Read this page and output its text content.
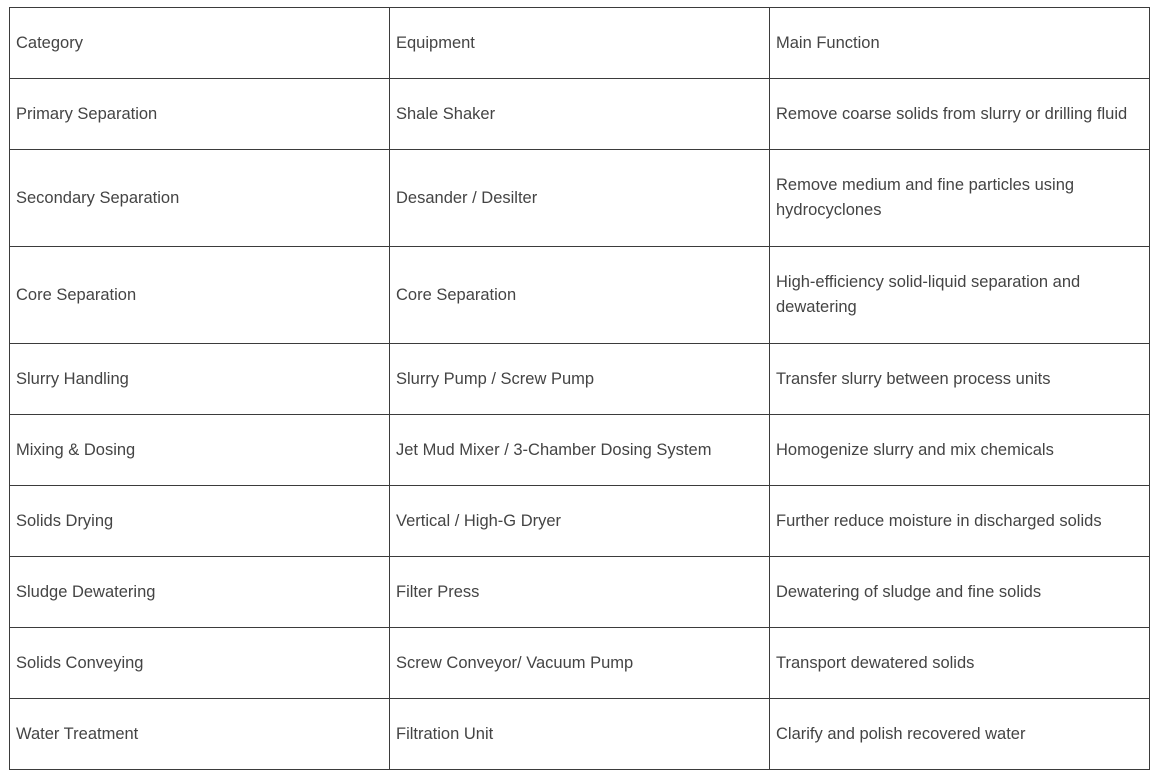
Category	Equipment	Main Function
Primary Separation	Shale Shaker	Remove coarse solids from slurry or drilling fluid
Secondary Separation	Desander / Desilter	Remove medium and fine particles using hydrocyclones
Core Separation	Core Separation	High-efficiency solid-liquid separation and dewatering
Slurry Handling	Slurry Pump / Screw Pump	Transfer slurry between process units
Mixing & Dosing	Jet Mud Mixer / 3-Chamber Dosing System	Homogenize slurry and mix chemicals
Solids Drying	Vertical / High-G Dryer	Further reduce moisture in discharged solids
Sludge Dewatering	Filter Press	Dewatering of sludge and fine solids
Solids Conveying	Screw Conveyor/ Vacuum Pump	Transport dewatered solids
Water Treatment	Filtration Unit	Clarify and polish recovered water
